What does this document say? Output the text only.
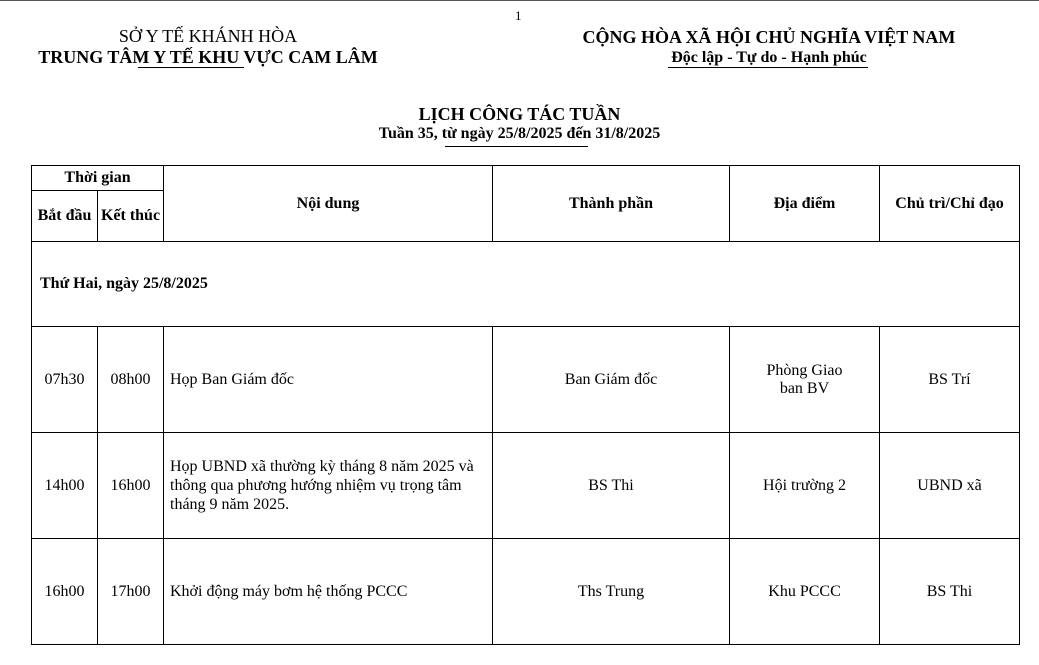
1
SỞ Y TẾ KHÁNH HÒA
TRUNG TÂM Y TẾ KHU VỰC CAM LÂM
CỘNG HÒA XÃ HỘI CHỦ NGHĨA VIỆT NAM
Độc lập - Tự do - Hạnh phúc
LỊCH CÔNG TÁC TUẦN
Tuần 35, từ ngày 25/8/2025 đến 31/8/2025
Thời gian		Nội dung	Thành phần	Địa điểm	Chủ trì/Chỉ đạo
Bắt đầu	Kết thúc				
Thứ Hai, ngày 25/8/2025					
07h30	08h00	Họp Ban Giám đốc	Ban Giám đốc	Phòng Giao ban BV	BS Trí
14h00	16h00	Họp UBND xã thường kỳ tháng 8 năm 2025 và thông qua phương hướng nhiệm vụ trọng tâm tháng 9 năm 2025.	BS Thi	Hội trường 2	UBND xã
16h00	17h00	Khởi động máy bơm hệ thống PCCC	Ths Trung	Khu PCCC	BS Thi
